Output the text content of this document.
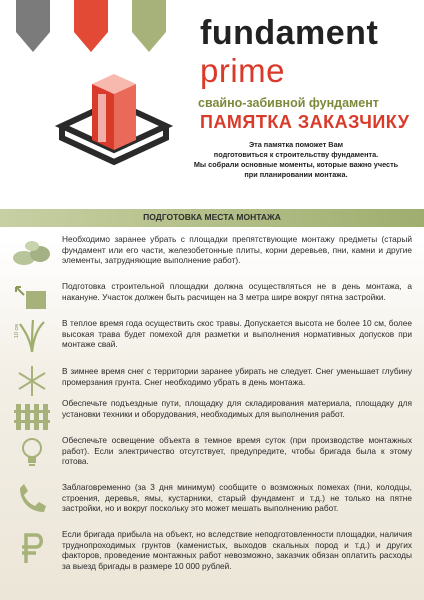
fundament
prime
свайно-забивной фундамент
ПАМЯТКА ЗАКАЗЧИКУ
Эта памятка поможет Вам
подготовиться к строительству фундамента.
Мы собрали основные моменты, которые важно учесть
при планировании монтажа.
ПОДГОТОВКА МЕСТА МОНТАЖА
Необходимо заранее убрать с площадки препятствующие монтажу предметы (старый фундамент или его части, железобетонные плиты, корни деревьев, пни, камни и другие элементы, затрудняющие выполнение работ).
Подготовка строительной площадки должна осуществляться не в день монтажа, а накануне. Участок должен быть расчищен на 3 метра шире вокруг пятна застройки.
10 см
В теплое время года осуществить скос травы. Допускается высота не более 10 см, более высокая трава будет помехой для разметки и выполнения нормативных допусков при монтаже свай.
В зимнее время снег с территории заранее убирать не следует. Снег уменьшает глубину промерзания грунта. Снег необходимо убрать в день монтажа.
Обеспечьте подъездные пути, площадку для складирования материала, площадку для установки техники и оборудования, необходимых для выполнения работ.
Обеспечьте освещение объекта в темное время суток (при производстве монтажных работ). Если электричество отсутствует, предупредите, чтобы бригада была к этому готова.
Заблаговременно (за 3 дня минимум) сообщите о возможных помехах (пни, колодцы, строения, деревья, ямы, кустарники, старый фундамент и т.д.) не только на пятне застройки, но и вокруг поскольку это может мешать выполнению работ.
Если бригада прибыла на объект, но вследствие неподготовленности площадки, наличия труднопроходимых грунтов (каменистых, выходов скальных пород и т.д.) и других факторов, проведение монтажных работ невозможно, заказчик обязан оплатить расходы за выезд бригады в размере 10 000 рублей.
